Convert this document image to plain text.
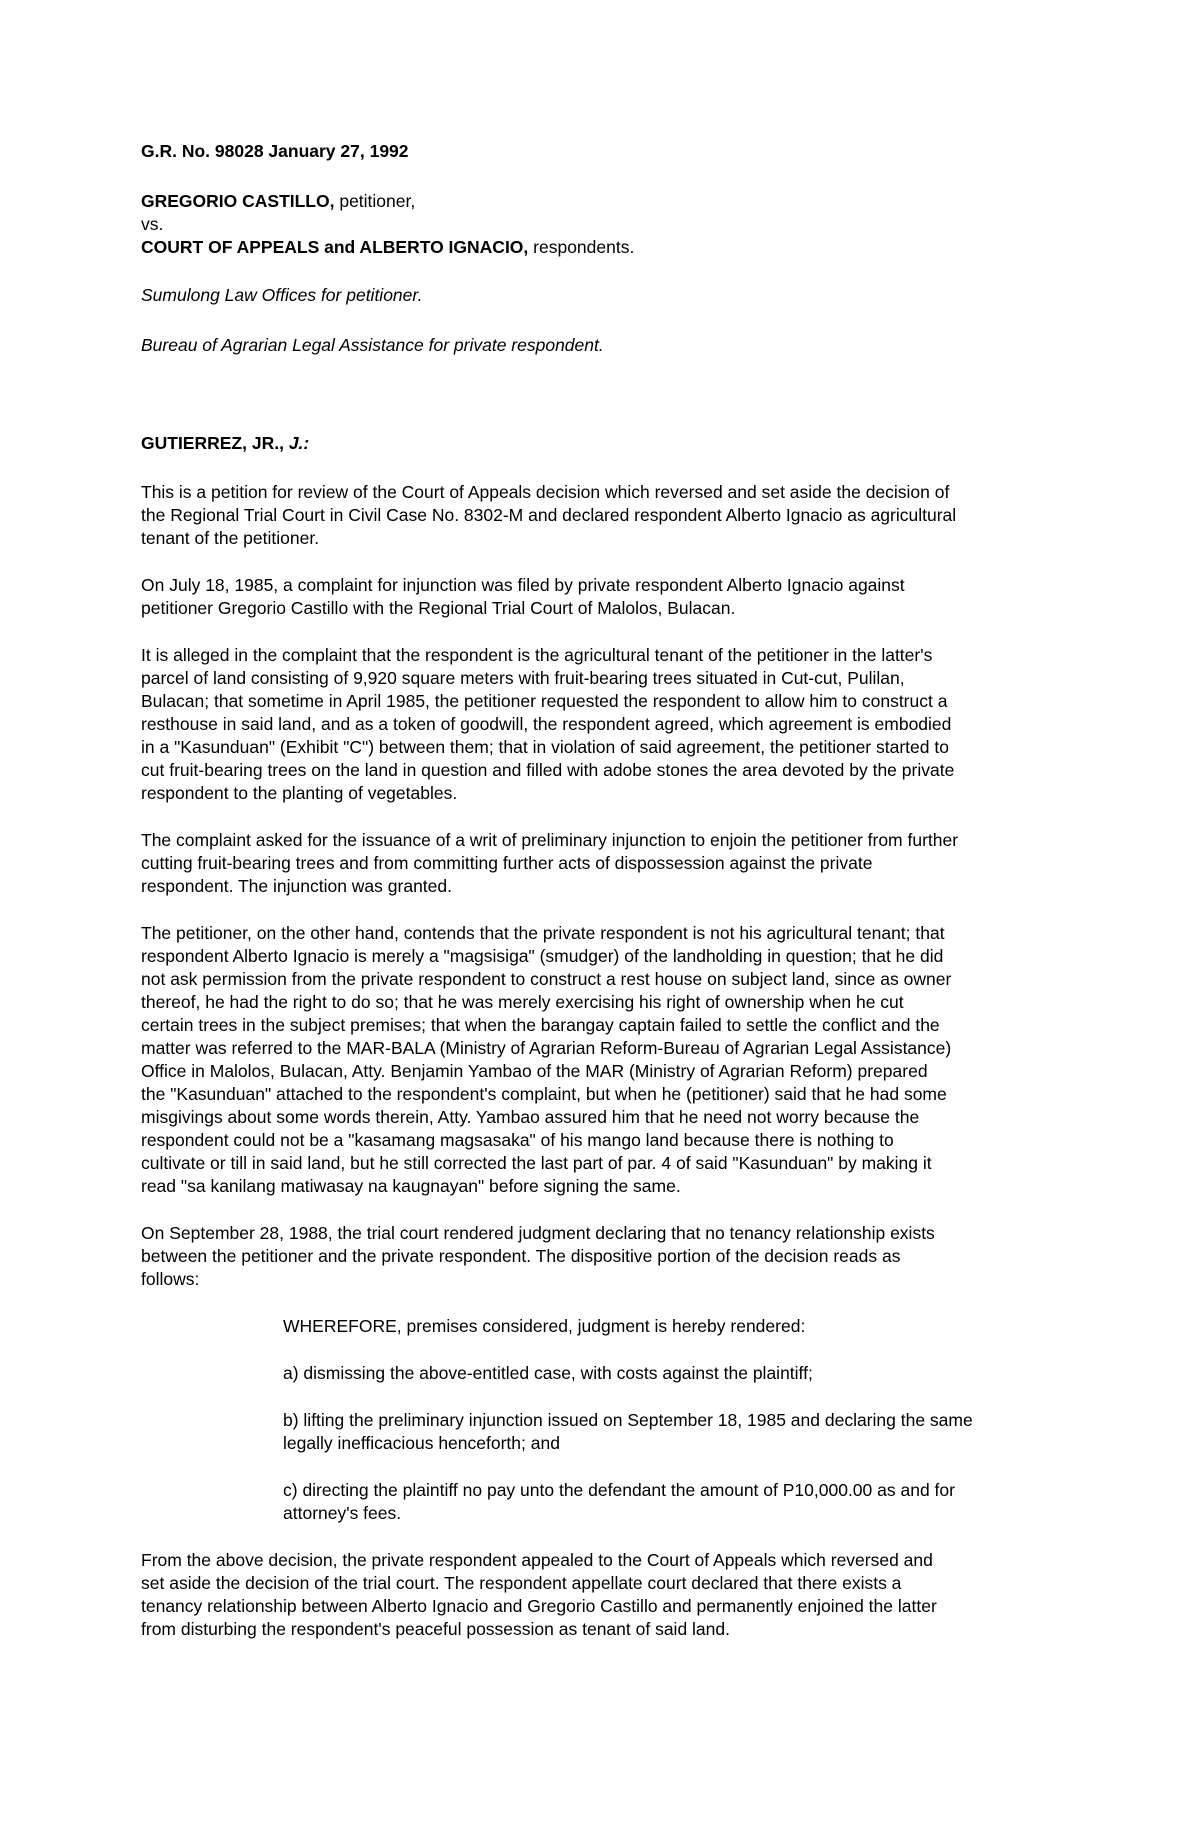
G.R. No. 98028 January 27, 1992
GREGORIO CASTILLO, petitioner,
vs.
COURT OF APPEALS and ALBERTO IGNACIO, respondents.
Sumulong Law Offices for petitioner.
Bureau of Agrarian Legal Assistance for private respondent.
GUTIERREZ, JR., J.:
This is a petition for review of the Court of Appeals decision which reversed and set aside the decision of
the Regional Trial Court in Civil Case No. 8302-M and declared respondent Alberto Ignacio as agricultural
tenant of the petitioner.
On July 18, 1985, a complaint for injunction was filed by private respondent Alberto Ignacio against
petitioner Gregorio Castillo with the Regional Trial Court of Malolos, Bulacan.
It is alleged in the complaint that the respondent is the agricultural tenant of the petitioner in the latter's
parcel of land consisting of 9,920 square meters with fruit-bearing trees situated in Cut-cut, Pulilan,
Bulacan; that sometime in April 1985, the petitioner requested the respondent to allow him to construct a
resthouse in said land, and as a token of goodwill, the respondent agreed, which agreement is embodied
in a "Kasunduan" (Exhibit "C") between them; that in violation of said agreement, the petitioner started to
cut fruit-bearing trees on the land in question and filled with adobe stones the area devoted by the private
respondent to the planting of vegetables.
The complaint asked for the issuance of a writ of preliminary injunction to enjoin the petitioner from further
cutting fruit-bearing trees and from committing further acts of dispossession against the private
respondent. The injunction was granted.
The petitioner, on the other hand, contends that the private respondent is not his agricultural tenant; that
respondent Alberto Ignacio is merely a "magsisiga" (smudger) of the landholding in question; that he did
not ask permission from the private respondent to construct a rest house on subject land, since as owner
thereof, he had the right to do so; that he was merely exercising his right of ownership when he cut
certain trees in the subject premises; that when the barangay captain failed to settle the conflict and the
matter was referred to the MAR-BALA (Ministry of Agrarian Reform-Bureau of Agrarian Legal Assistance)
Office in Malolos, Bulacan, Atty. Benjamin Yambao of the MAR (Ministry of Agrarian Reform) prepared
the "Kasunduan" attached to the respondent's complaint, but when he (petitioner) said that he had some
misgivings about some words therein, Atty. Yambao assured him that he need not worry because the
respondent could not be a "kasamang magsasaka" of his mango land because there is nothing to
cultivate or till in said land, but he still corrected the last part of par. 4 of said "Kasunduan" by making it
read "sa kanilang matiwasay na kaugnayan" before signing the same.
On September 28, 1988, the trial court rendered judgment declaring that no tenancy relationship exists
between the petitioner and the private respondent. The dispositive portion of the decision reads as
follows:
WHEREFORE, premises considered, judgment is hereby rendered:
a) dismissing the above-entitled case, with costs against the plaintiff;
b) lifting the preliminary injunction issued on September 18, 1985 and declaring the same
legally inefficacious henceforth; and
c) directing the plaintiff no pay unto the defendant the amount of P10,000.00 as and for
attorney's fees.
From the above decision, the private respondent appealed to the Court of Appeals which reversed and
set aside the decision of the trial court. The respondent appellate court declared that there exists a
tenancy relationship between Alberto Ignacio and Gregorio Castillo and permanently enjoined the latter
from disturbing the respondent's peaceful possession as tenant of said land.
